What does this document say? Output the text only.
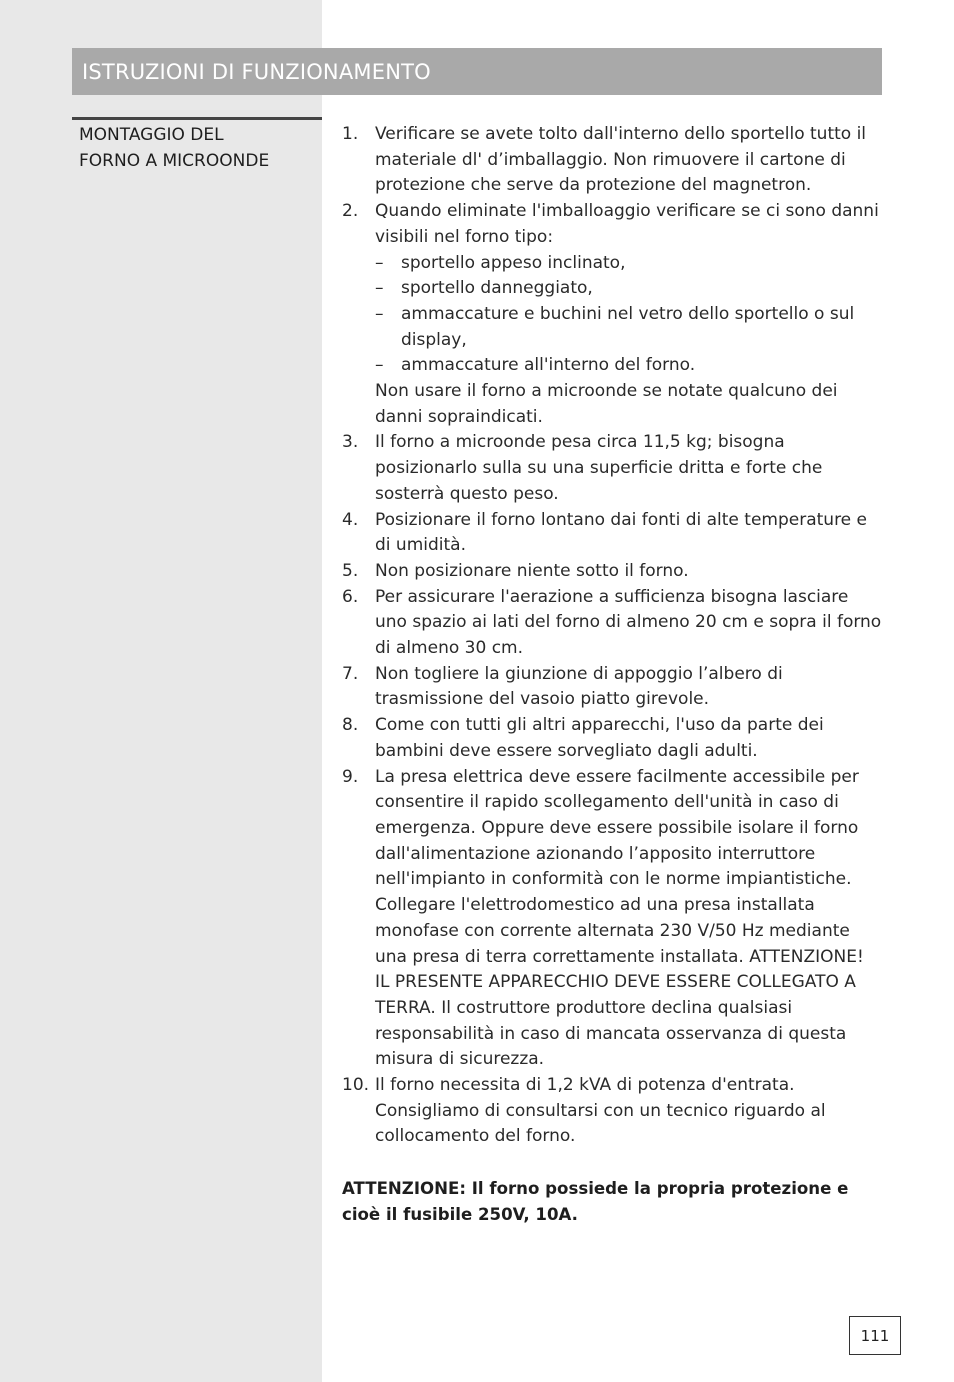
ISTRUZIONI DI FUNZIONAMENTO
MONTAGGIO DEL
FORNO A MICROONDE
1. Verificare se avete tolto dall'interno dello sportello tutto il materiale dl' d’imballaggio. Non rimuovere il cartone di protezione che serve da protezione del magnetron.
2. Quando eliminate l'imballoaggio verificare se ci sono danni visibili nel forno tipo:
– sportello appeso inclinato,
– sportello danneggiato,
– ammaccature e buchini nel vetro dello sportello o sul display,
– ammaccature all'interno del forno.
Non usare il forno a microonde se notate qualcuno dei danni sopraindicati.
3. Il forno a microonde pesa circa 11,5 kg; bisogna posizionarlo sulla su una superficie dritta e forte che sosterrà questo peso.
4. Posizionare il forno lontano dai fonti di alte temperature e di umidità.
5. Non posizionare niente sotto il forno.
6. Per assicurare l'aerazione a sufficienza bisogna lasciare uno spazio ai lati del forno di almeno 20 cm e sopra il forno di almeno 30 cm.
7. Non togliere la giunzione di appoggio l’albero di trasmissione del vasoio piatto girevole.
8. Come con tutti gli altri apparecchi, l'uso da parte dei bambini deve essere sorvegliato dagli adulti.
9. La presa elettrica deve essere facilmente accessibile per consentire il rapido scollegamento dell'unità in caso di emergenza. Oppure deve essere possibile isolare il forno dall'alimentazione azionando l’apposito interruttore nell'impianto in conformità con le norme impiantistiche. Collegare l'elettrodomestico ad una presa installata monofase con corrente alternata 230 V/50 Hz mediante una presa di terra correttamente installata. ATTENZIONE! IL PRESENTE APPARECCHIO DEVE ESSERE COLLEGATO A TERRA. Il costruttore produttore declina qualsiasi responsabilità in caso di mancata osservanza di questa misura di sicurezza.
10. Il forno necessita di 1,2 kVA di potenza d'entrata. Consigliamo di consultarsi con un tecnico riguardo al collocamento del forno.
ATTENZIONE: Il forno possiede la propria protezione e cioè il fusibile 250V, 10A.
111
